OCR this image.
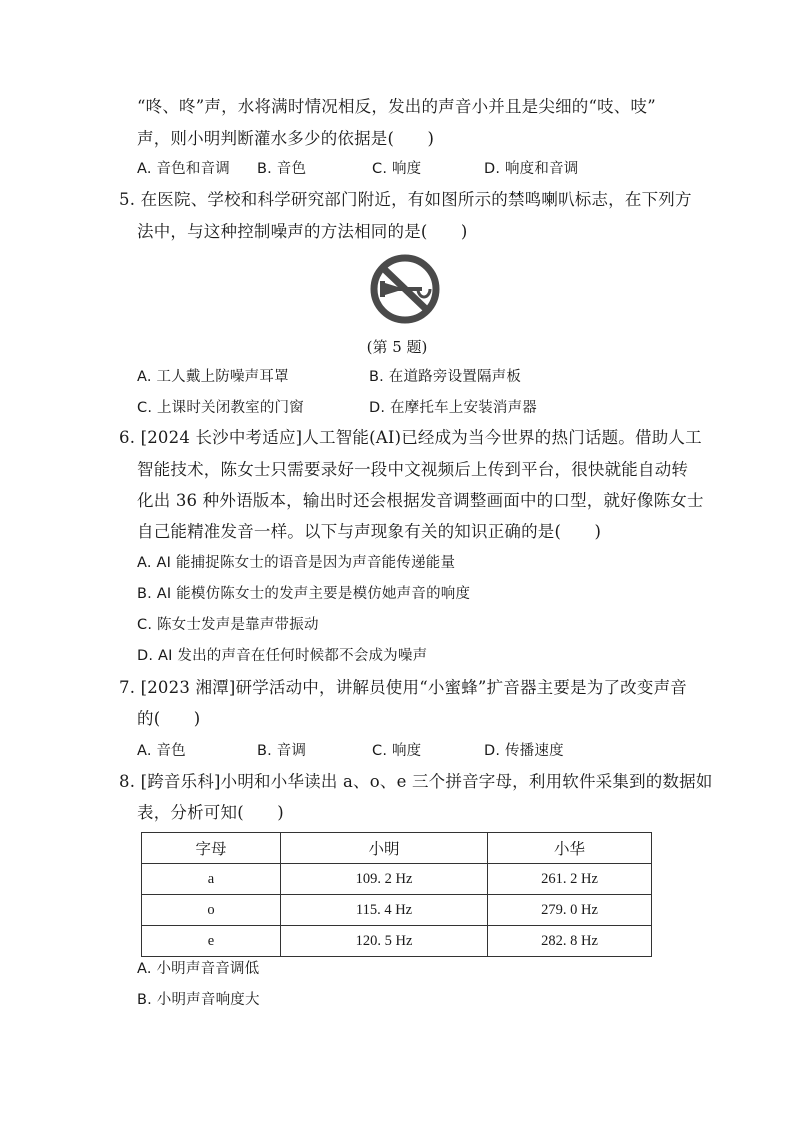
“咚、咚”声，水将满时情况相反，发出的声音小并且是尖细的“吱、吱”
声，则小明判断灌水多少的依据是(　　)
A. 音色和音调 B. 音色	C. 响度	D. 响度和音调
5. 在医院、学校和科学研究部门附近，有如图所示的禁鸣喇叭标志，在下列方
法中，与这种控制噪声的方法相同的是(　　)
(第 5 题)
A. 工人戴上防噪声耳罩	B. 在道路旁设置隔声板
C. 上课时关闭教室的门窗	D. 在摩托车上安装消声器
6. [2024 长沙中考适应]人工智能(AI)已经成为当今世界的热门话题。借助人工
智能技术，陈女士只需要录好一段中文视频后上传到平台，很快就能自动转
化出 36 种外语版本，输出时还会根据发音调整画面中的口型，就好像陈女士
自己能精准发音一样。以下与声现象有关的知识正确的是(　　)
A. AI 能捕捉陈女士的语音是因为声音能传递能量
B. AI 能模仿陈女士的发声主要是模仿她声音的响度
C. 陈女士发声是靠声带振动
D. AI 发出的声音在任何时候都不会成为噪声
7. [2023 湘潭]研学活动中，讲解员使用“小蜜蜂”扩音器主要是为了改变声音
的(　　)
A. 音色	B. 音调	C. 响度	D. 传播速度
8. [跨音乐科]小明和小华读出 a、o、e 三个拼音字母，利用软件采集到的数据如
表，分析可知(　　)
字母	小明	小华
a	109. 2 Hz	261. 2 Hz
o	115. 4 Hz	279. 0 Hz
e	120. 5 Hz	282. 8 Hz
A. 小明声音音调低
B. 小明声音响度大
